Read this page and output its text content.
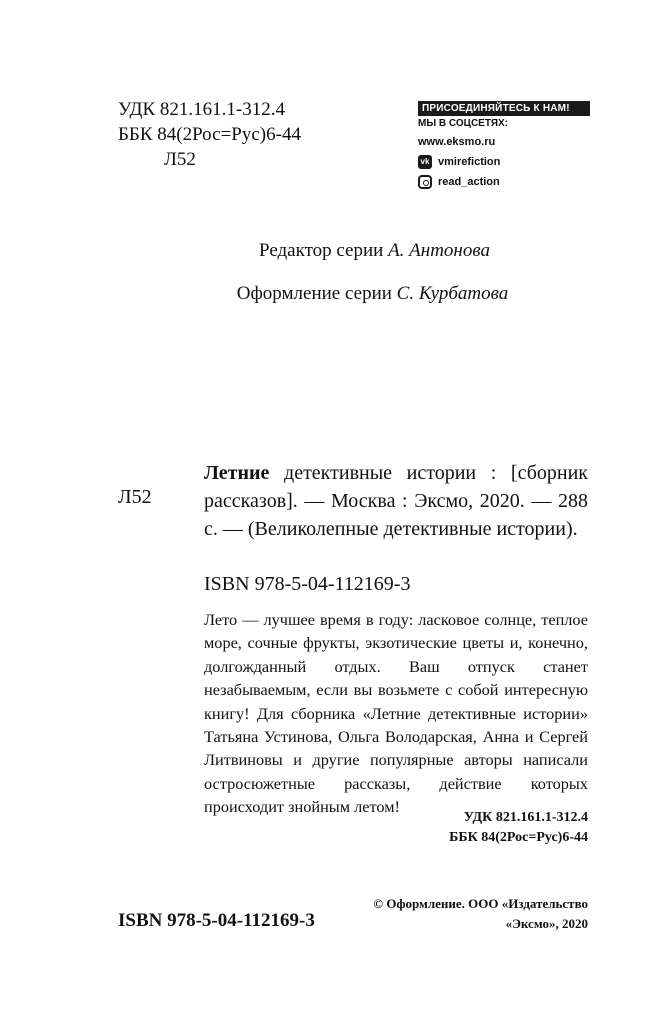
УДК 821.161.1-312.4
ББК 84(2Рос=Рус)6-44
Л52
ПРИСОЕДИНЯЙТЕСЬ К НАМ!
МЫ В СОЦСЕТЯХ:
www.eksmo.ru
vk vmirefiction
read_action
Редактор серии А. Антонова
Оформление серии С. Курбатова
Л52
Летние детективные истории : [сборник рассказов]. — Москва : Эксмо, 2020. — 288 с. — (Великолепные детективные истории).
ISBN 978-5-04-112169-3

Лето — лучшее время в году: ласковое солнце, теплое море, сочные фрукты, экзотические цветы и, конечно, долгожданный отдых. Ваш отпуск станет незабываемым, если вы возьмете с собой интересную книгу! Для сборника «Летние детективные истории» Татьяна Устинова, Ольга Володарская, Анна и Сергей Литвиновы и другие популярные авторы написали остросюжетные рассказы, действие которых происходит знойным летом!

УДК 821.161.1-312.4
ББК 84(2Рос=Рус)6-44
ISBN 978-5-04-112169-3
© Оформление. ООО «Издательство
«Эксмо», 2020
